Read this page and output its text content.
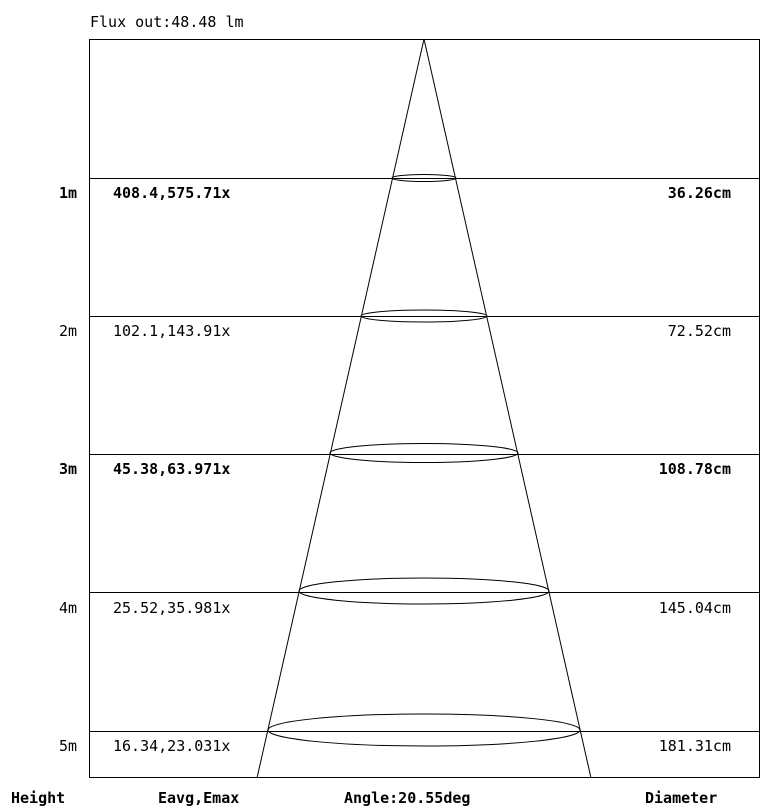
Flux out:48.48 lm
1m 408.4,575.71x	36.26cm
2m 102.1,143.91x	72.52cm
3m 45.38,63.971x	108.78cm
4m 25.52,35.981x	145.04cm
5m 16.34,23.031x	181.31cm
Height	Eavg,Emax	Angle:20.55deg	Diameter
